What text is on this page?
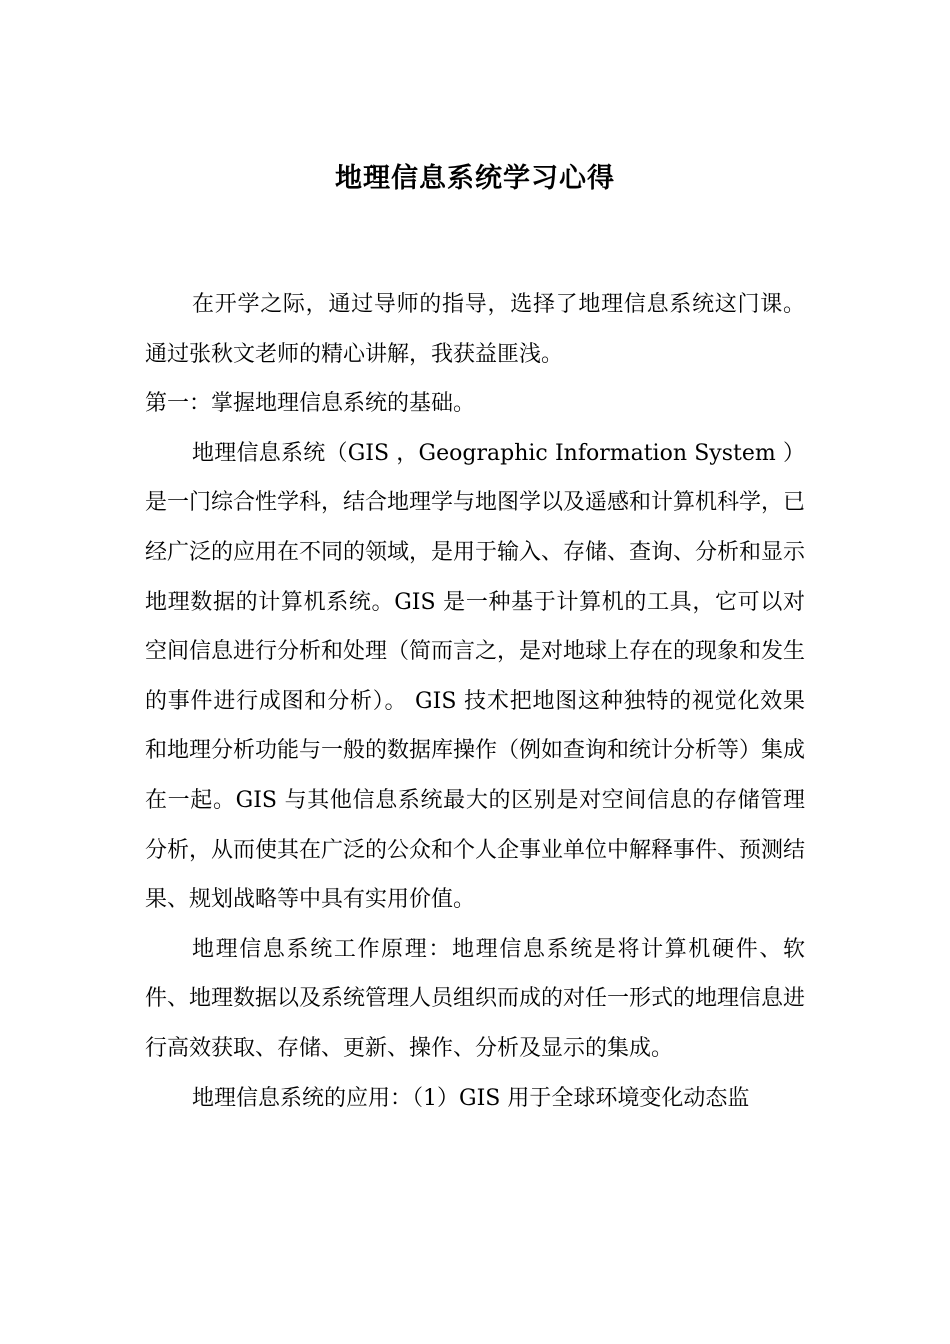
地理信息系统学习心得

在开学之际，通过导师的指导，选择了地理信息系统这门课。通过张秋文老师的精心讲解，我获益匪浅。

第一：掌握地理信息系统的基础。

地理信息系统（GIS ，Geographic Information System ）是一门综合性学科，结合地理学与地图学以及遥感和计算机科学，已经广泛的应用在不同的领域，是用于输入、存储、查询、分析和显示地理数据的计算机系统。GIS 是一种基于计算机的工具，它可以对空间信息进行分析和处理（简而言之，是对地球上存在的现象和发生的事件进行成图和分析）。 GIS 技术把地图这种独特的视觉化效果和地理分析功能与一般的数据库操作（例如查询和统计分析等）集成在一起。GIS 与其他信息系统最大的区别是对空间信息的存储管理分析，从而使其在广泛的公众和个人企事业单位中解释事件、预测结果、规划战略等中具有实用价值。

地理信息系统工作原理：地理信息系统是将计算机硬件、软件、地理数据以及系统管理人员组织而成的对任一形式的地理信息进行高效获取、存储、更新、操作、分析及显示的集成。

地理信息系统的应用：（1）GIS 用于全球环境变化动态监
